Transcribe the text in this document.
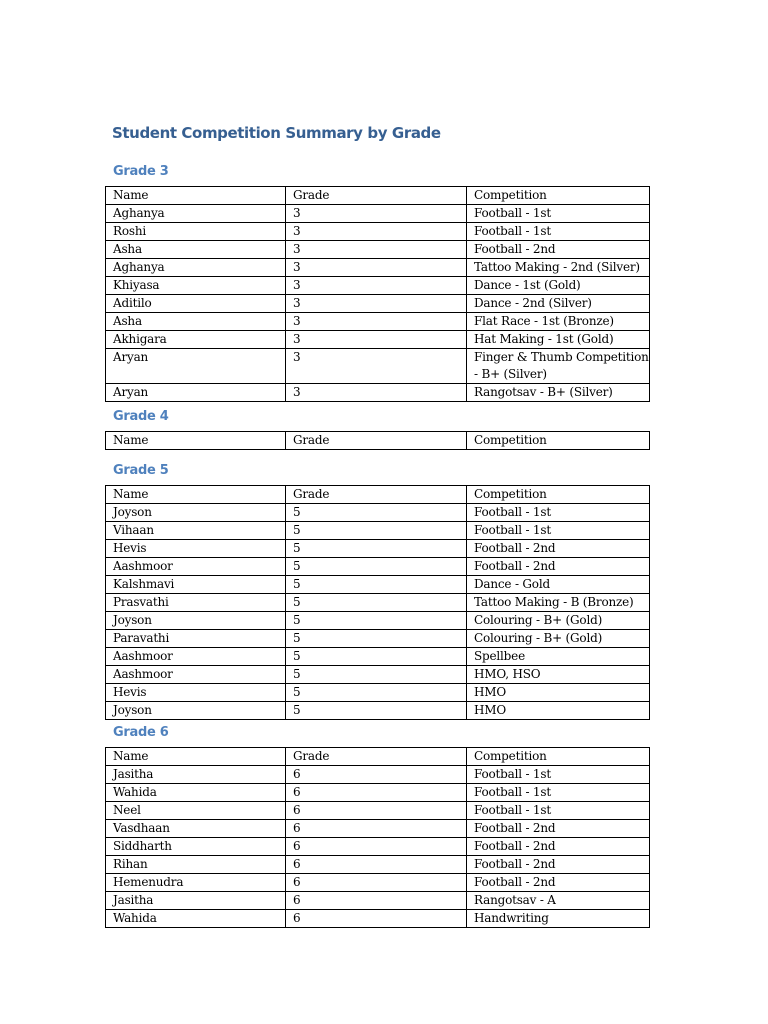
Student Competition Summary by Grade
Grade 3
Name	Grade	Competition
Aghanya	3	Football - 1st
Roshi	3	Football - 1st
Asha	3	Football - 2nd
Aghanya	3	Tattoo Making - 2nd (Silver)
Khiyasa	3	Dance - 1st (Gold)
Aditilo	3	Dance - 2nd (Silver)
Asha	3	Flat Race - 1st (Bronze)
Akhigara	3	Hat Making - 1st (Gold)
Aryan	3	Finger & Thumb Competition - B+ (Silver)
Aryan	3	Rangotsav - B+ (Silver)
Grade 4
Name	Grade	Competition
Grade 5
Name	Grade	Competition
Joyson	5	Football - 1st
Vihaan	5	Football - 1st
Hevis	5	Football - 2nd
Aashmoor	5	Football - 2nd
Kalshmavi	5	Dance - Gold
Prasvathi	5	Tattoo Making - B (Bronze)
Joyson	5	Colouring - B+ (Gold)
Paravathi	5	Colouring - B+ (Gold)
Aashmoor	5	Spellbee
Aashmoor	5	HMO, HSO
Hevis	5	HMO
Joyson	5	HMO
Grade 6
Name	Grade	Competition
Jasitha	6	Football - 1st
Wahida	6	Football - 1st
Neel	6	Football - 1st
Vasdhaan	6	Football - 2nd
Siddharth	6	Football - 2nd
Rihan	6	Football - 2nd
Hemenudra	6	Football - 2nd
Jasitha	6	Rangotsav - A
Wahida	6	Handwriting
